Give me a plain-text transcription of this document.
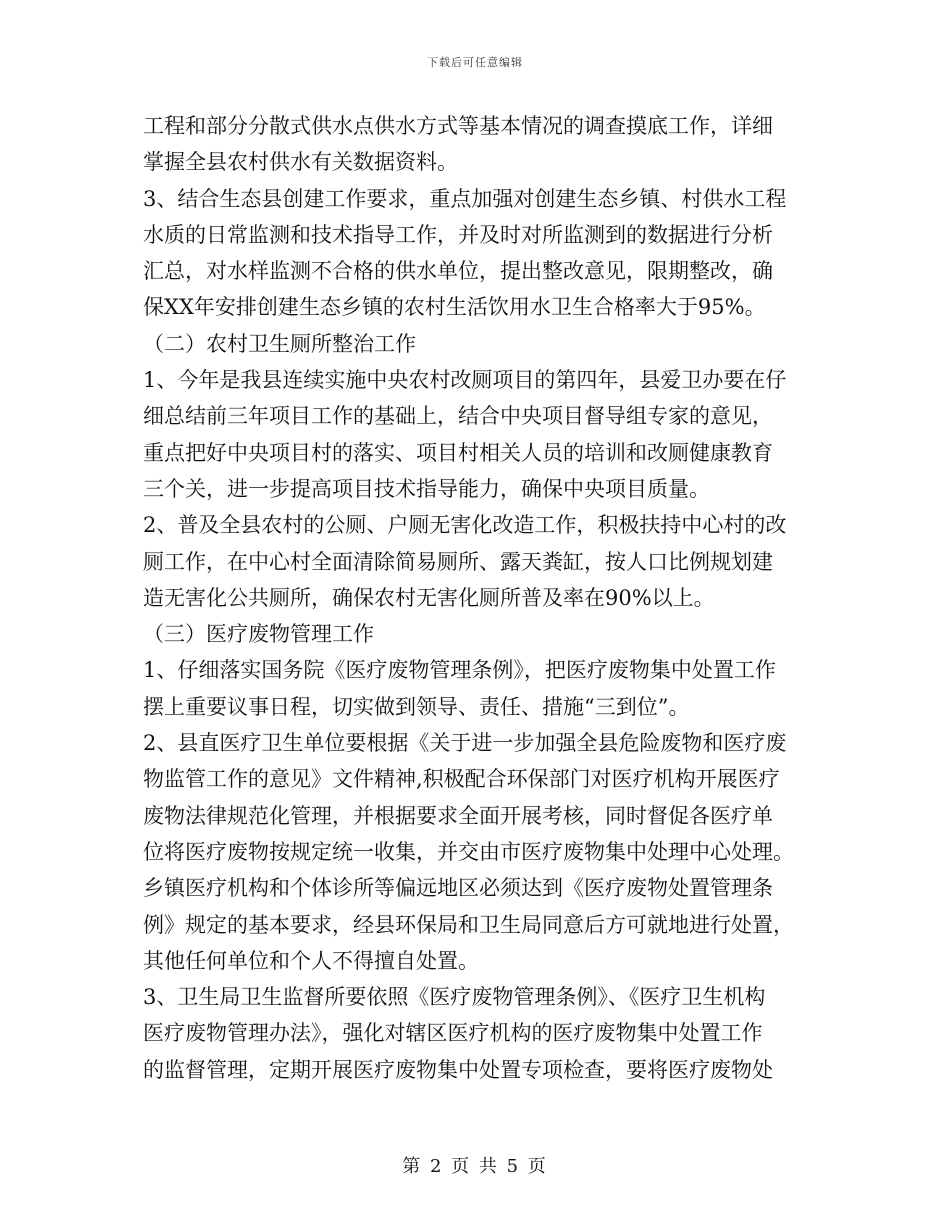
下载后可任意编辑
工程和部分分散式供水点供水方式等基本情况的调查摸底工作，详细
掌握全县农村供水有关数据资料。
3、结合生态县创建工作要求，重点加强对创建生态乡镇、村供水工程
水质的日常监测和技术指导工作，并及时对所监测到的数据进行分析
汇总，对水样监测不合格的供水单位，提出整改意见，限期整改，确
保XX年安排创建生态乡镇的农村生活饮用水卫生合格率大于95%。
（二）农村卫生厕所整治工作
1、今年是我县连续实施中央农村改厕项目的第四年，县爱卫办要在仔
细总结前三年项目工作的基础上，结合中央项目督导组专家的意见，
重点把好中央项目村的落实、项目村相关人员的培训和改厕健康教育
三个关，进一步提高项目技术指导能力，确保中央项目质量。
2、普及全县农村的公厕、户厕无害化改造工作，积极扶持中心村的改
厕工作，在中心村全面清除简易厕所、露天粪缸，按人口比例规划建
造无害化公共厕所，确保农村无害化厕所普及率在90%以上。
（三）医疗废物管理工作
1、仔细落实国务院《医疗废物管理条例》，把医疗废物集中处置工作
摆上重要议事日程，切实做到领导、责任、措施“三到位”。
2、县直医疗卫生单位要根据《关于进一步加强全县危险废物和医疗废
物监管工作的意见》文件精神,积极配合环保部门对医疗机构开展医疗
废物法律规范化管理，并根据要求全面开展考核，同时督促各医疗单
位将医疗废物按规定统一收集，并交由市医疗废物集中处理中心处理。
乡镇医疗机构和个体诊所等偏远地区必须达到《医疗废物处置管理条
例》规定的基本要求，经县环保局和卫生局同意后方可就地进行处置，
其他任何单位和个人不得擅自处置。
3、卫生局卫生监督所要依照《医疗废物管理条例》、《医疗卫生机构
医疗废物管理办法》，强化对辖区医疗机构的医疗废物集中处置工作
的监督管理，定期开展医疗废物集中处置专项检查，要将医疗废物处
第 2 页 共 5 页
